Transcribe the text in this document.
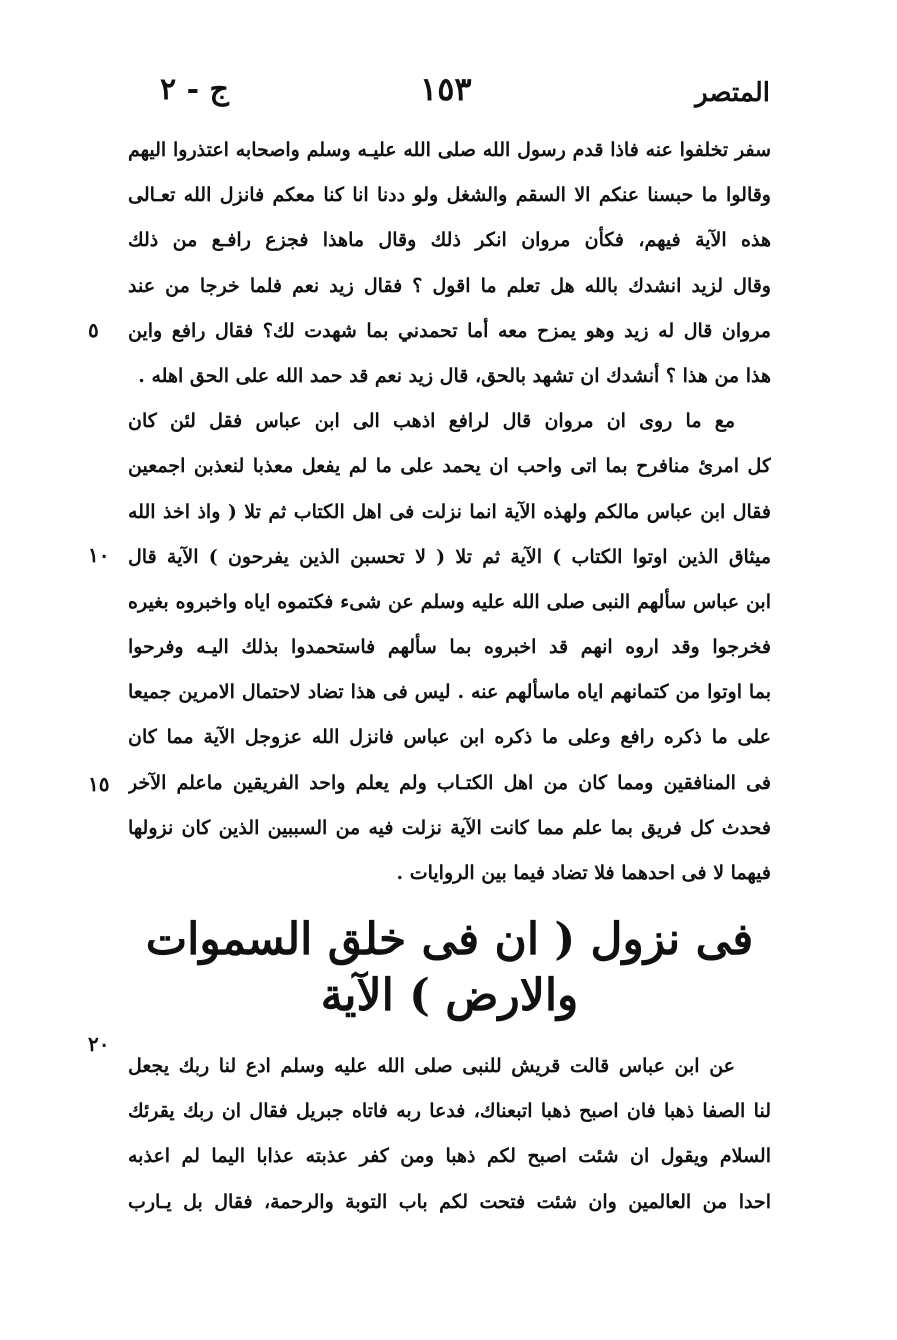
المتصر
١٥٣
ج - ٢
سفر تخلفوا عنه فاذا قدم رسول الله صلى الله عليـه وسلم واصحابه اعتذروا اليهم
وقالوا ما حبسنا عنكم الا السقم والشغل ولو ددنا انا كنا معكم فانزل الله تعـالى
هذه الآية فيهم، فكأن مروان انكر ذلك وقال ماهذا فجزع رافـع من ذلك
وقال لزيد انشدك بالله هل تعلم ما اقول ؟ فقال زيد نعم فلما خرجا من عند
مروان قال له زيد وهو يمزح معه أما تحمدني بما شهدت لك؟ فقال رافع واين
هذا من هذا ؟ أنشدك ان تشهد بالحق، قال زيد نعم قد حمد الله على الحق اهله .
مع ما روى ان مروان قال لرافع اذهب الى ابن عباس فقل لئن كان
كل امرئ منافرح بما اتى واحب ان يحمد على ما لم يفعل معذبا لنعذبن اجمعين
فقال ابن عباس مالكم ولهذه الآية انما نزلت فى اهل الكتاب ثم تلا ( واذ اخذ الله
ميثاق الذين اوتوا الكتاب ) الآية ثم تلا ( لا تحسبن الذين يفرحون ) الآية قال
ابن عباس سألهم النبى صلى الله عليه وسلم عن شىء فكتموه اياه واخبروه بغيره
فخرجوا وقد اروه انهم قد اخبروه بما سألهم فاستحمدوا بذلك اليـه وفرحوا
بما اوتوا من كتمانهم اياه ماسألهم عنه . ليس فى هذا تضاد لاحتمال الامرين جميعا
على ما ذكره رافع وعلى ما ذكره ابن عباس فانزل الله عزوجل الآية مما كان
فى المنافقين ومما كان من اهل الكتـاب ولم يعلم واحد الفريقين ماعلم الآخر
فحدث كل فريق بما علم مما كانت الآية نزلت فيه من السببين الذين كان نزولها
فيهما لا فى احدهما فلا تضاد فيما بين الروايات .
٥
١٠
١٥
٢٠
فى نزول ( ان فى خلق السموات
والارض ) الآية
عن ابن عباس قالت قريش للنبى صلى الله عليه وسلم ادع لنا ربك يجعل
لنا الصفا ذهبا فان اصبح ذهبا اتبعناك، فدعا ربه فاتاه جبريل فقال ان ربك يقرئك
السلام ويقول ان شئت اصبح لكم ذهبا ومن كفر عذبته عذابا اليما لم اعذبه
احدا من العالمين وان شئت فتحت لكم باب التوبة والرحمة، فقال بل يـارب
